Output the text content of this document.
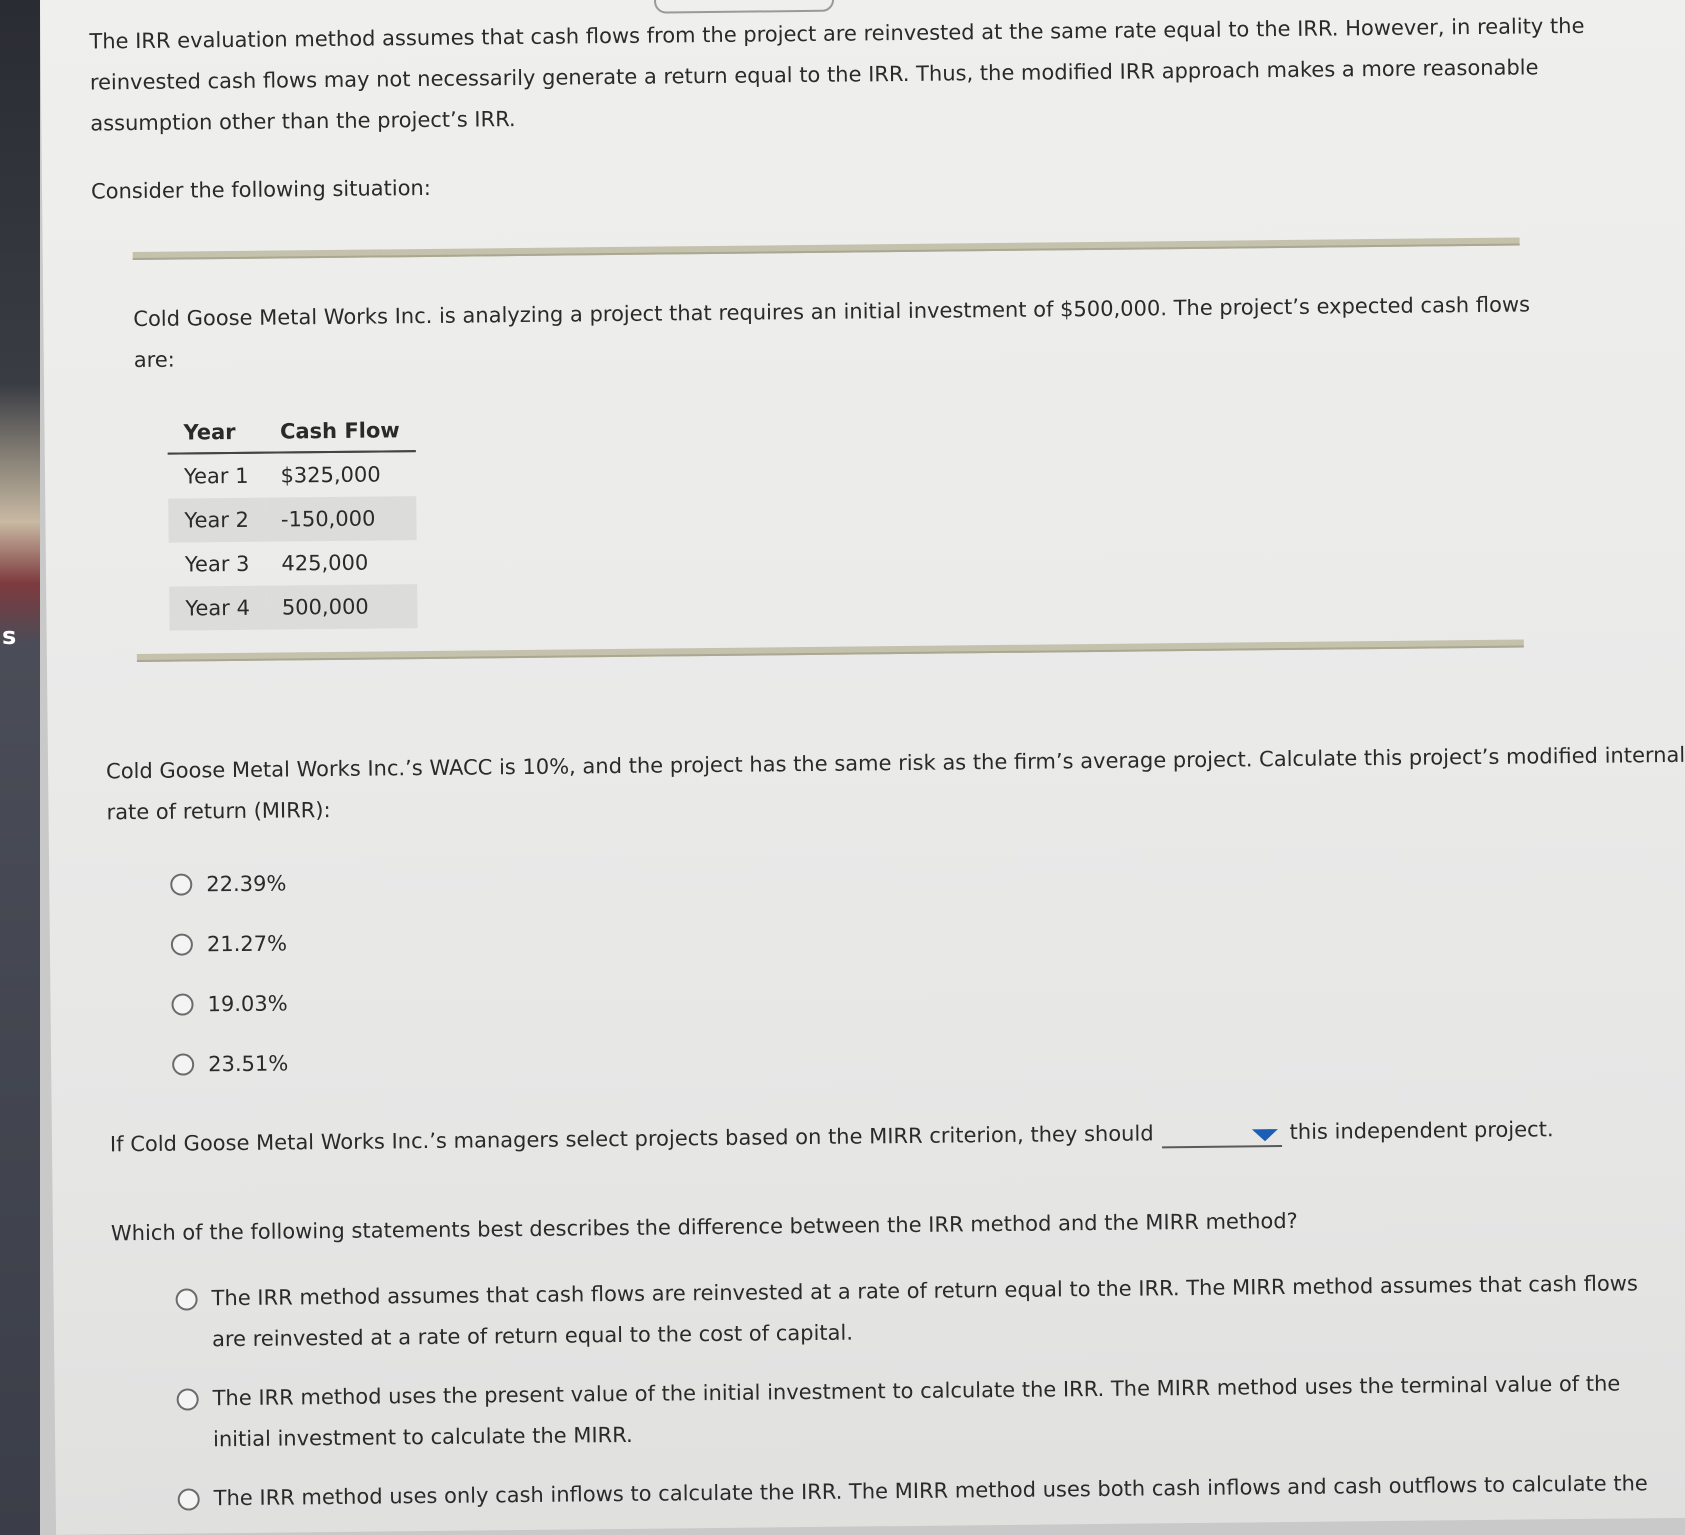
s

The IRR evaluation method assumes that cash flows from the project are reinvested at the same rate equal to the IRR. However, in reality the reinvested cash flows may not necessarily generate a return equal to the IRR. Thus, the modified IRR approach makes a more reasonable assumption other than the project’s IRR.

Consider the following situation:

Cold Goose Metal Works Inc. is analyzing a project that requires an initial investment of $500,000. The project’s expected cash flows are:

Year	Cash Flow
Year 1	$325,000
Year 2	-150,000
Year 3	425,000
Year 4	500,000

Cold Goose Metal Works Inc.’s WACC is 10%, and the project has the same risk as the firm’s average project. Calculate this project’s modified internal rate of return (MIRR):

22.39%
21.27%
19.03%
23.51%

If Cold Goose Metal Works Inc.’s managers select projects based on the MIRR criterion, they should	this independent project.

Which of the following statements best describes the difference between the IRR method and the MIRR method?

The IRR method assumes that cash flows are reinvested at a rate of return equal to the IRR. The MIRR method assumes that cash flows are reinvested at a rate of return equal to the cost of capital.
The IRR method uses the present value of the initial investment to calculate the IRR. The MIRR method uses the terminal value of the initial investment to calculate the MIRR.
The IRR method uses only cash inflows to calculate the IRR. The MIRR method uses both cash inflows and cash outflows to calculate the
